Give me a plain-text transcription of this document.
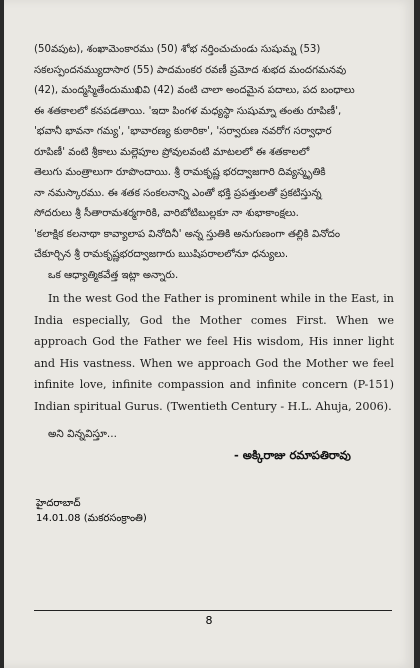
(50వపుట), శంఖామెంకారము (50) శోభ నర్తించుచుండు సుషుమ్న (53)
సకలస్పందనమ్యుదాసార (55) పాదమంకర రవణీ ప్రమోద శుభద మందగమనవు
(42), మంద్మస్మితేందుముఖివి (42) వంటి చాలా అందమైన పదాలు, పద బంధాలు
ఈ శతకాలలో కనపడతాయి. 'ఇదా పింగళ మధ్యస్థా సుషుమ్నా తంతు రూపిణీ',
'భవానీ భావనా గమ్య', 'భావారణ్య కుఠారికా', 'సర్వారుణ నవరోగ సర్వాధార
రూపిణీ' వంటి శ్రీకాలు మల్లెపూల ప్రోవులవంటి మాటలలో ఈ శతకాలలో
తెలుగు మంత్రాలుగా రూపొందాయి. శ్రీ రామకృష్ణ భరద్వాజగారి దివ్యస్మృతికి
నా నమస్కారము. ఈ శతక సంకలనాన్ని ఎంతో భక్తి ప్రపత్తులతో ప్రకటిస్తున్న
సోదరులు శ్రీ సీతారామశర్మగారికి, వారిబోటిబుల్లకూ నా శుభాకాంక్షలు.
'కలాక్షిక కలనాథా కావ్యాలాప వినోదినీ' అన్న స్తుతికి అనుగుణంగా తల్లికి వినోదం
చేకూర్చిన శ్రీ రామకృష్ణభరద్వాజగారు ఋషిపరాలలోనూ ధన్యులు.
ఒక ఆధ్యాత్మికవేత్త ఇట్లా అన్నారు.

In the west God the Father is prominent while in the East, in India especially, God the Mother comes First. When we approach God the Father we feel His wisdom, His inner light and His vastness. When we approach God the Mother we feel infinite love, infinite compassion and infinite concern (P-151) Indian spiritual Gurus. (Twentieth Century - H.L. Ahuja, 2006).

అని విన్నవిస్తూ...
- అక్కిరాజు రమాపతిరావు
హైదరాబాద్
14.01.08 (మకరసంక్రాంతి)
8
